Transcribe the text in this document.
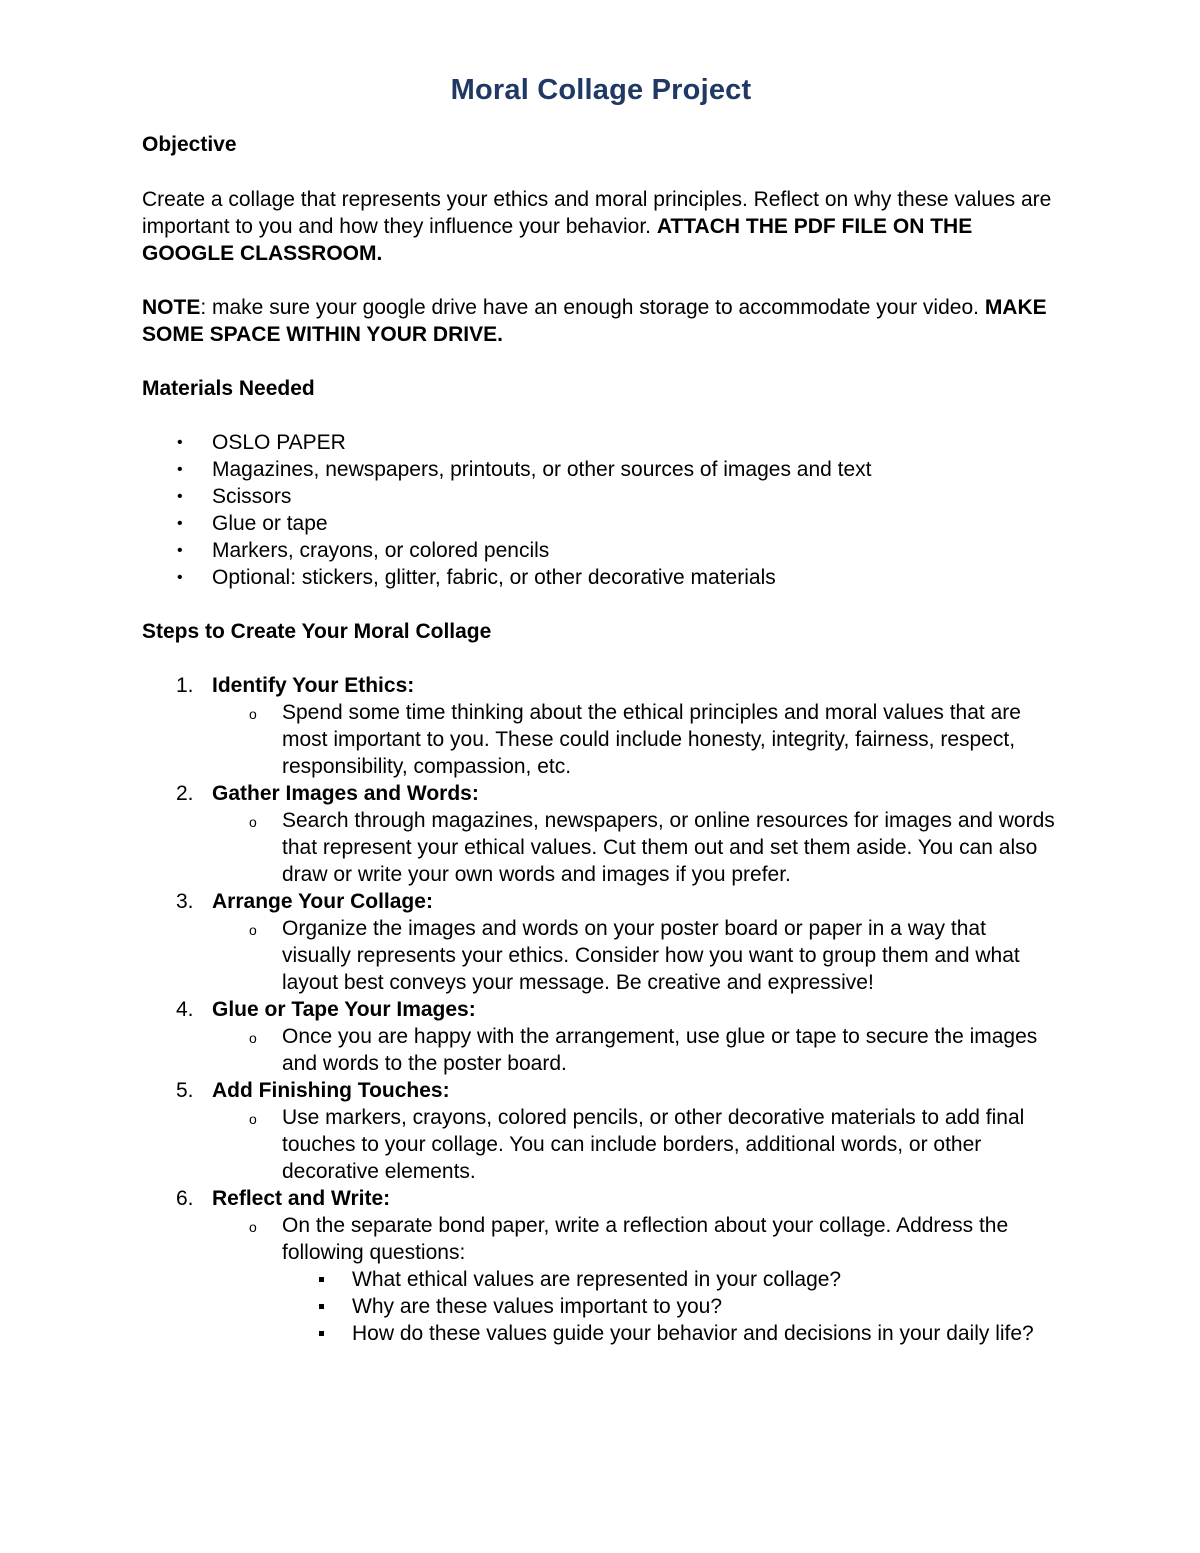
Moral Collage Project
Objective

Create a collage that represents your ethics and moral principles. Reflect on why these values are important to you and how they influence your behavior. ATTACH THE PDF FILE ON THE GOOGLE CLASSROOM.

NOTE: make sure your google drive have an enough storage to accommodate your video. MAKE SOME SPACE WITHIN YOUR DRIVE.

Materials Needed
• OSLO PAPER
• Magazines, newspapers, printouts, or other sources of images and text
• Scissors
• Glue or tape
• Markers, crayons, or colored pencils
• Optional: stickers, glitter, fabric, or other decorative materials
Steps to Create Your Moral Collage
1. Identify Your Ethics:
o Spend some time thinking about the ethical principles and moral values that are most important to you. These could include honesty, integrity, fairness, respect, responsibility, compassion, etc.
2. Gather Images and Words:
o Search through magazines, newspapers, or online resources for images and words that represent your ethical values. Cut them out and set them aside. You can also draw or write your own words and images if you prefer.
3. Arrange Your Collage:
o Organize the images and words on your poster board or paper in a way that visually represents your ethics. Consider how you want to group them and what layout best conveys your message. Be creative and expressive!
4. Glue or Tape Your Images:
o Once you are happy with the arrangement, use glue or tape to secure the images and words to the poster board.
5. Add Finishing Touches:
o Use markers, crayons, colored pencils, or other decorative materials to add final touches to your collage. You can include borders, additional words, or other decorative elements.
6. Reflect and Write:
o On the separate bond paper, write a reflection about your collage. Address the following questions:
What ethical values are represented in your collage?
Why are these values important to you?
How do these values guide your behavior and decisions in your daily life?
